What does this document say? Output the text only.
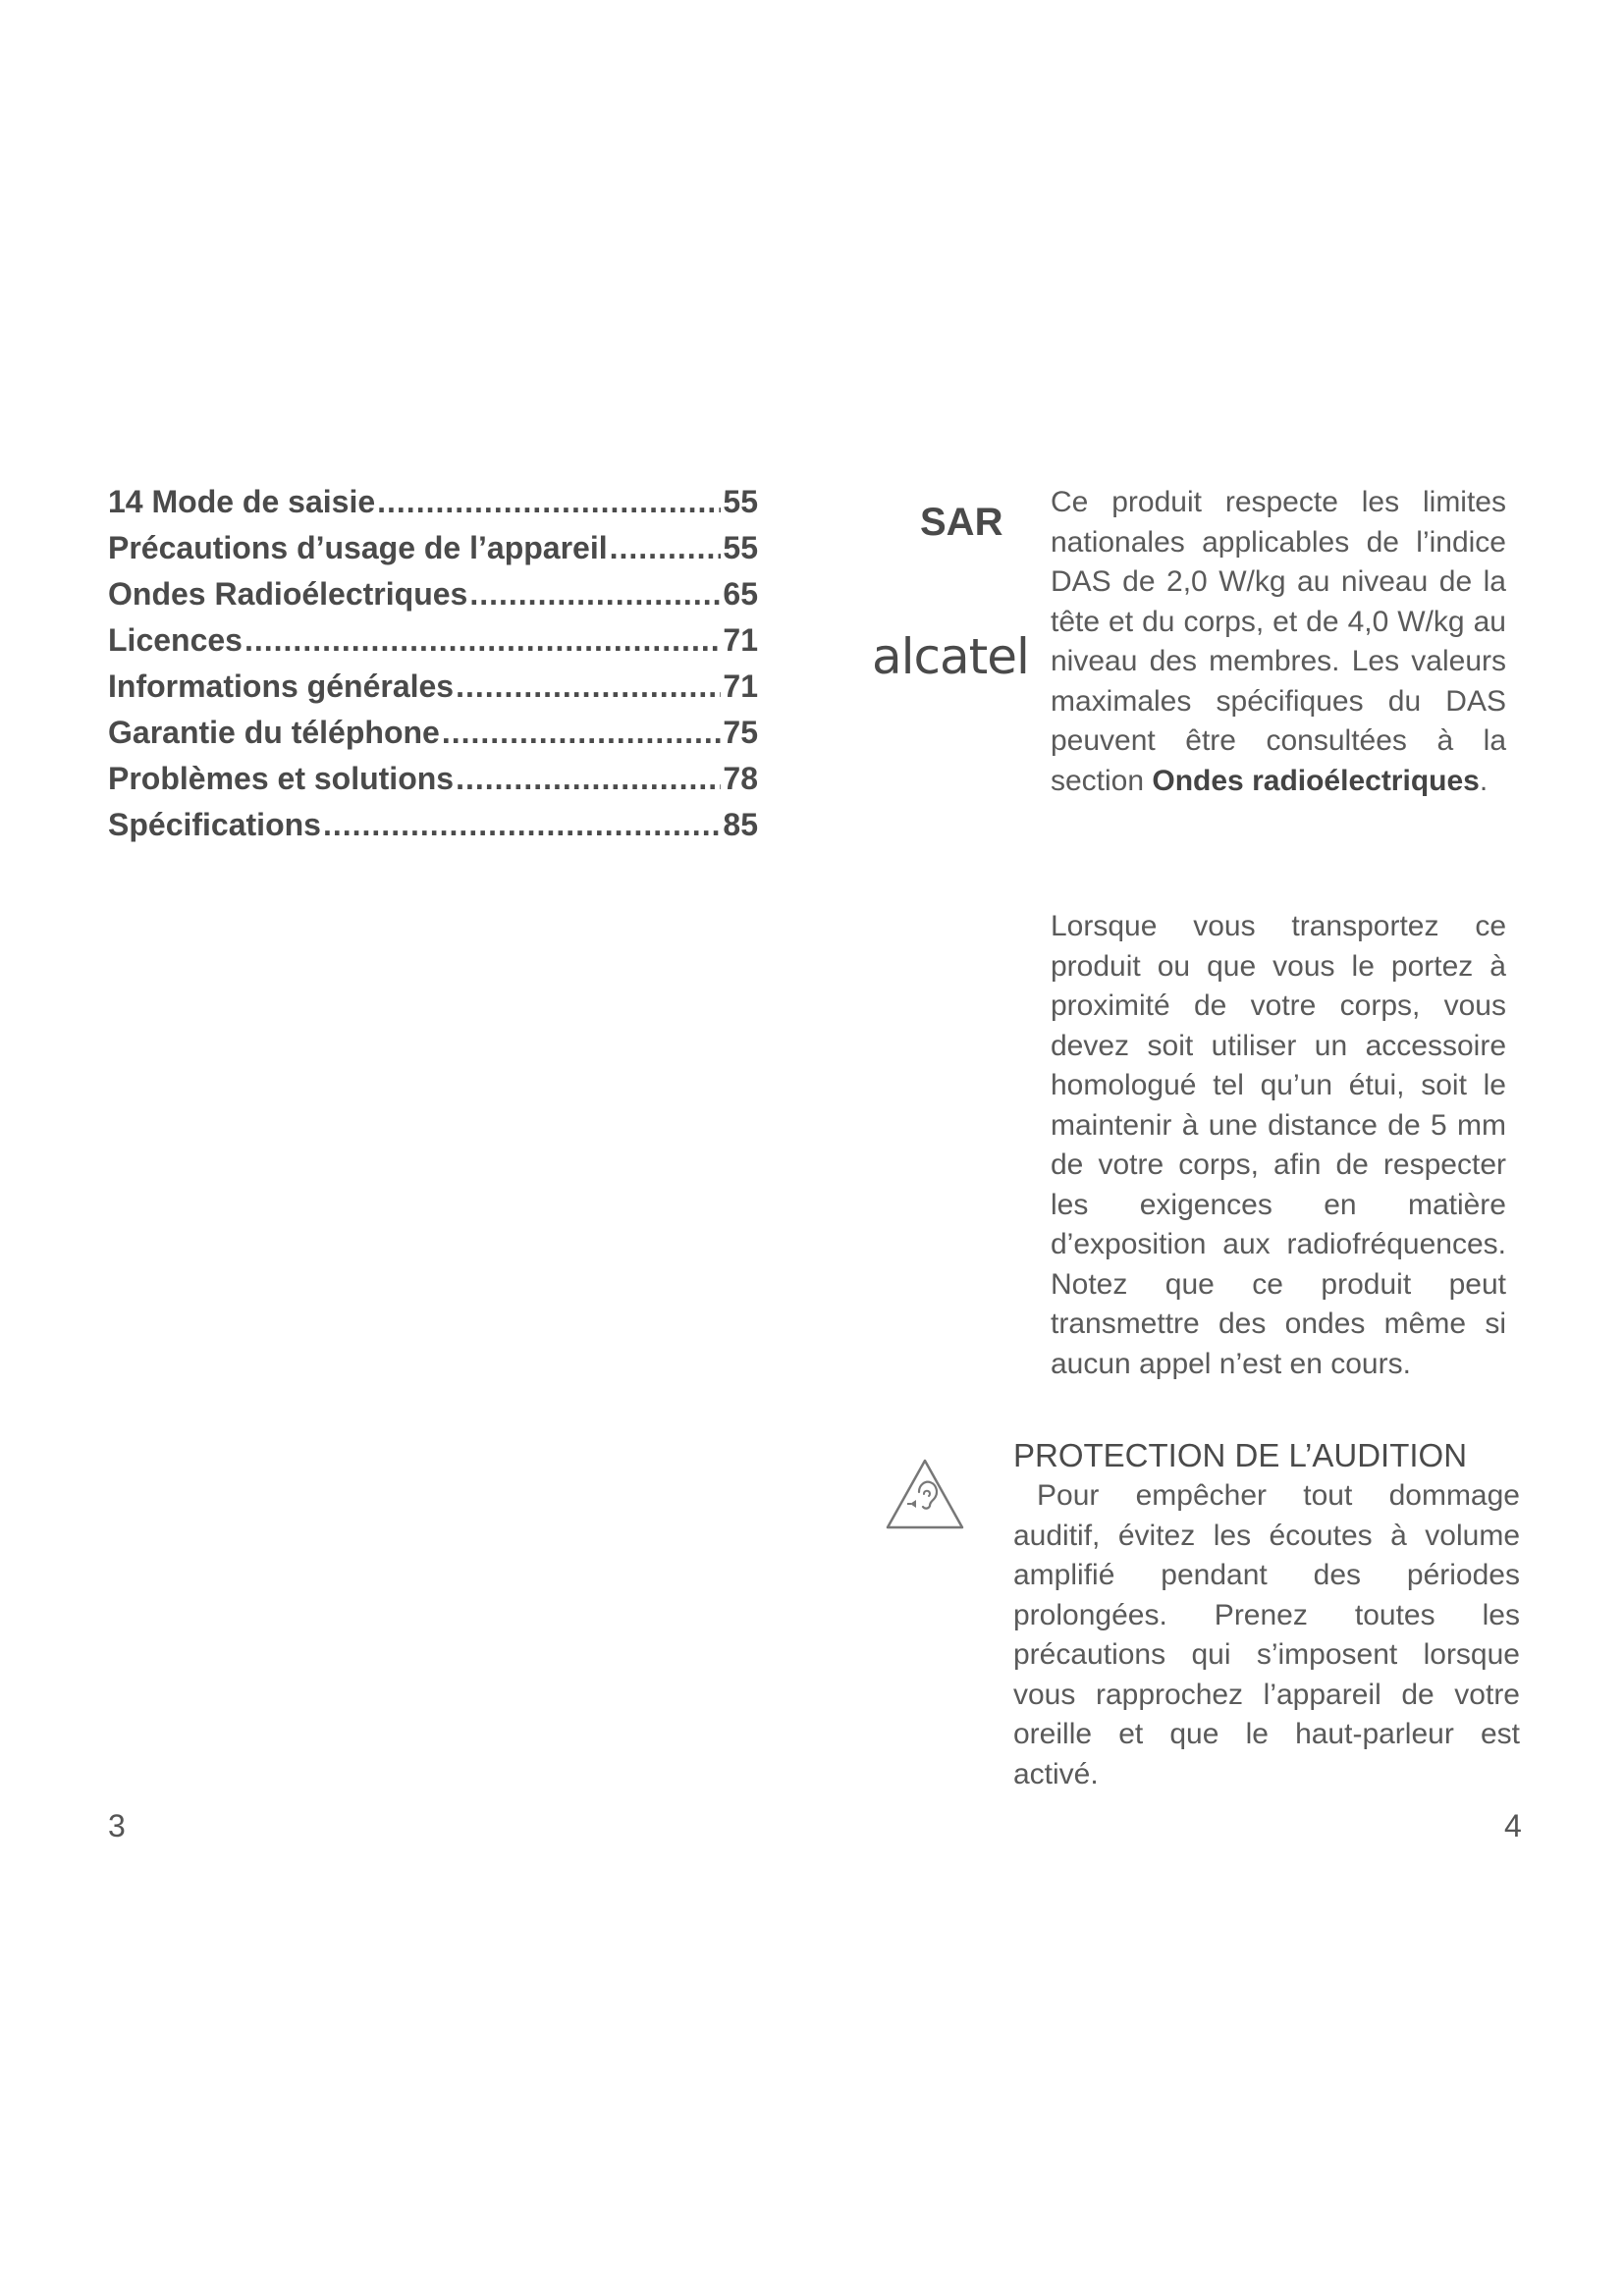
14 Mode de saisie .....	55
Précautions d’usage de l’appareil .....	55
Ondes Radioélectriques .....	65
Licences .....	71
Informations générales .....	71
Garantie du téléphone .....	75
Problèmes et solutions .....	78
Spécifications .....	85
3
SAR
alcatel
Ce produit respecte les limites nationales applicables de l’indice DAS de 2,0 W/kg au niveau de la tête et du corps, et de 4,0 W/kg au niveau des membres. Les valeurs maximales spécifiques du DAS peuvent être consultées à la section Ondes radioélectriques.
Lorsque vous transportez ce produit ou que vous le portez à proximité de votre corps, vous devez soit utiliser un accessoire homologué tel qu’un étui, soit le maintenir à une distance de 5 mm de votre corps, afin de respecter les exigences en matière d’exposition aux radiofréquences. Notez que ce produit peut transmettre des ondes même si aucun appel n’est en cours.
PROTECTION DE L’AUDITION
Pour empêcher tout dommage auditif, évitez les écoutes à volume amplifié pendant des périodes prolongées. Prenez toutes les précautions qui s’imposent lorsque vous rapprochez l’appareil de votre oreille et que le haut-parleur est activé.
4
